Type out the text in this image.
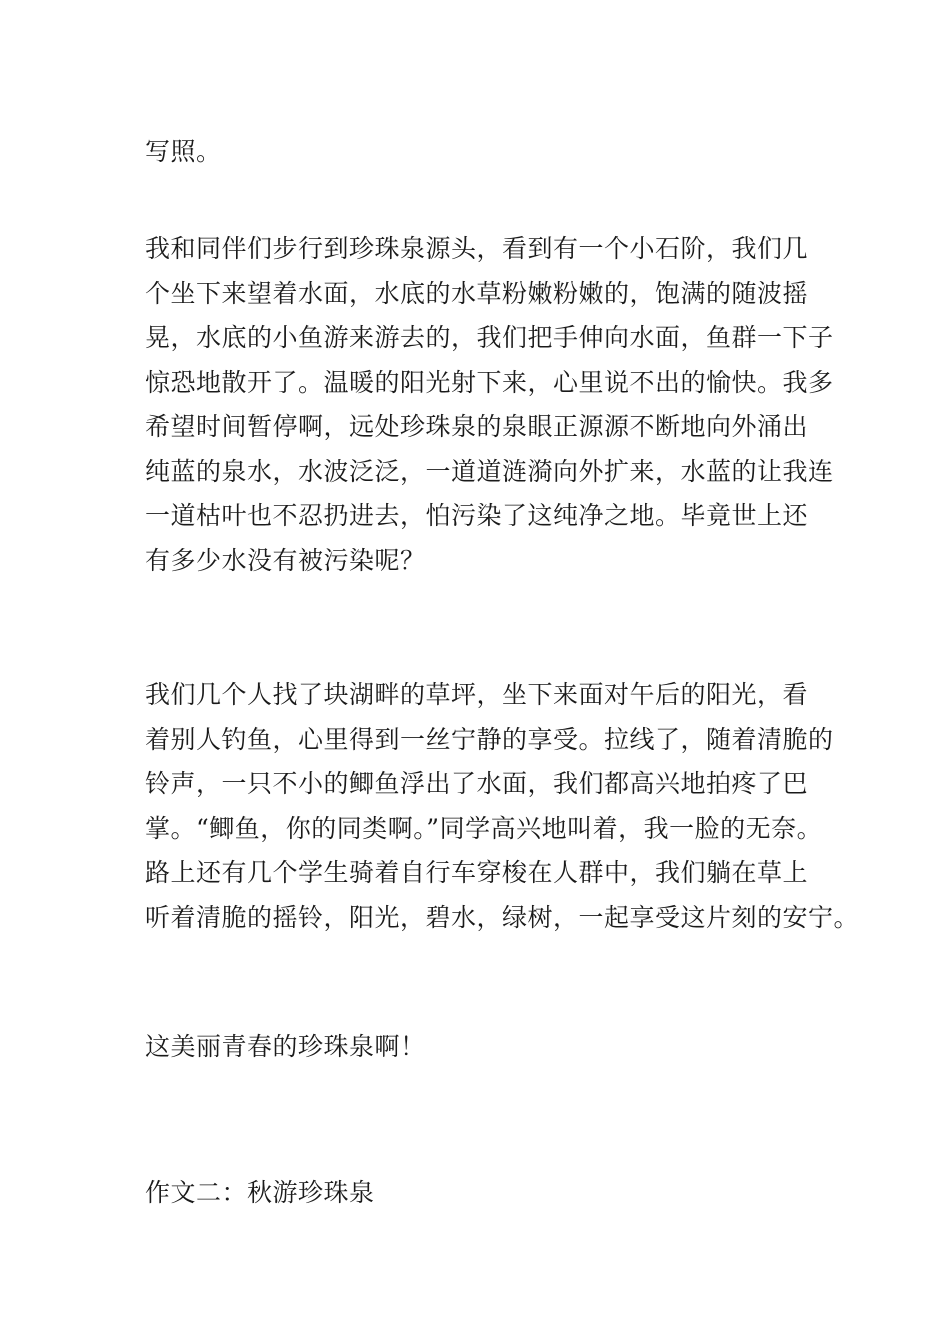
写照。

我和同伴们步行到珍珠泉源头，看到有一个小石阶，我们几
个坐下来望着水面，水底的水草粉嫩粉嫩的，饱满的随波摇
晃，水底的小鱼游来游去的，我们把手伸向水面，鱼群一下子
惊恐地散开了。温暖的阳光射下来，心里说不出的愉快。我多
希望时间暂停啊，远处珍珠泉的泉眼正源源不断地向外涌出
纯蓝的泉水，水波泛泛，一道道涟漪向外扩来，水蓝的让我连
一道枯叶也不忍扔进去，怕污染了这纯净之地。毕竟世上还
有多少水没有被污染呢？

我们几个人找了块湖畔的草坪，坐下来面对午后的阳光，看
着别人钓鱼，心里得到一丝宁静的享受。拉线了，随着清脆的
铃声，一只不小的鲫鱼浮出了水面，我们都高兴地拍疼了巴
掌。“鲫鱼，你的同类啊。”同学高兴地叫着，我一脸的无奈。
路上还有几个学生骑着自行车穿梭在人群中，我们躺在草上
听着清脆的摇铃，阳光，碧水，绿树，一起享受这片刻的安宁。

这美丽青春的珍珠泉啊！

作文二：秋游珍珠泉
